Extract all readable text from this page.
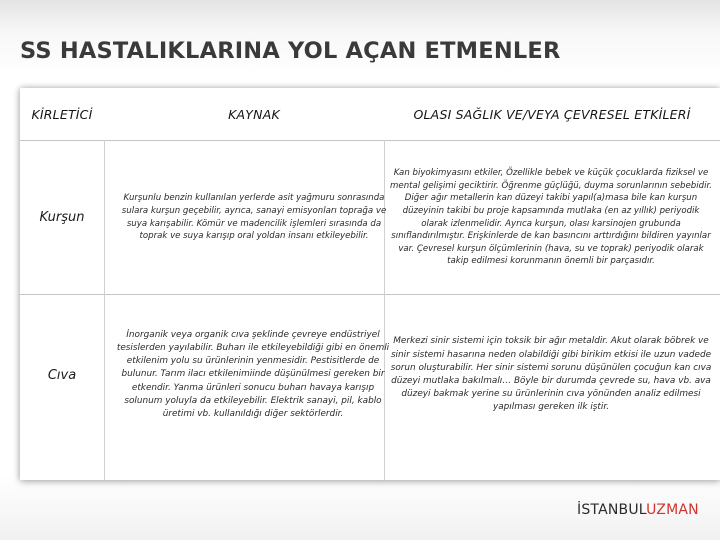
SS HASTALIKLARINA YOL AÇAN ETMENLER
KİRLETİCİ	KAYNAK	OLASI SAĞLIK VE/VEYA ÇEVRESEL ETKİLERİ
Kurşun
Kurşunlu benzin kullanılan yerlerde asit yağmuru sonrasında sulara kurşun geçebilir, ayrıca, sanayi emisyonları toprağa ve suya karışabilir. Kömür ve madencilik işlemleri sırasında da toprak ve suya karışıp oral yoldan insanı etkileyebilir.
Kan biyokimyasını etkiler, Özellikle bebek ve küçük çocuklarda fiziksel ve mental gelişimi geciktirir. Öğrenme güçlüğü, duyma sorunlarının sebebidir. Diğer ağır metallerin kan düzeyi takibi yapıl(a)masa bile kan kurşun düzeyinin takibi bu proje kapsamında mutlaka (en az yıllık) periyodik olarak izlenmelidir. Ayrıca kurşun, olası karsinojen grubunda sınıflandırılmıştır. Erişkinlerde de kan basıncını arttırdığını bildiren yayınlar var. Çevresel kurşun ölçümlerinin (hava, su ve toprak) periyodik olarak takip edilmesi korunmanın önemli bir parçasıdır.
Cıva
İnorganik veya organik cıva şeklinde çevreye endüstriyel tesislerden yayılabilir. Buharı ile etkileyebildiği gibi en önemli etkilenim yolu su ürünlerinin yenmesidir. Pestisitlerde de bulunur. Tarım ilacı etkilenimiinde düşünülmesi gereken bir etkendir. Yanma ürünleri sonucu buharı havaya karışıp solunum yoluyla da etkileyebilir. Elektrik sanayi, pil, kablo üretimi vb. kullanıldığı diğer sektörlerdir.
Merkezi sinir sistemi için toksik bir ağır metaldir. Akut olarak böbrek ve sinir sistemi hasarına neden olabildiği gibi birikim etkisi ile uzun vadede sorun oluşturabilir. Her sinir sistemi sorunu düşünülen çocuğun kan cıva düzeyi mutlaka bakılmalı… Böyle bir durumda çevrede su, hava vb. ava düzeyi bakmak yerine su ürünlerinin cıva yönünden analiz edilmesi yapılması gereken ilk iştir.
İSTANBULUZMAN
